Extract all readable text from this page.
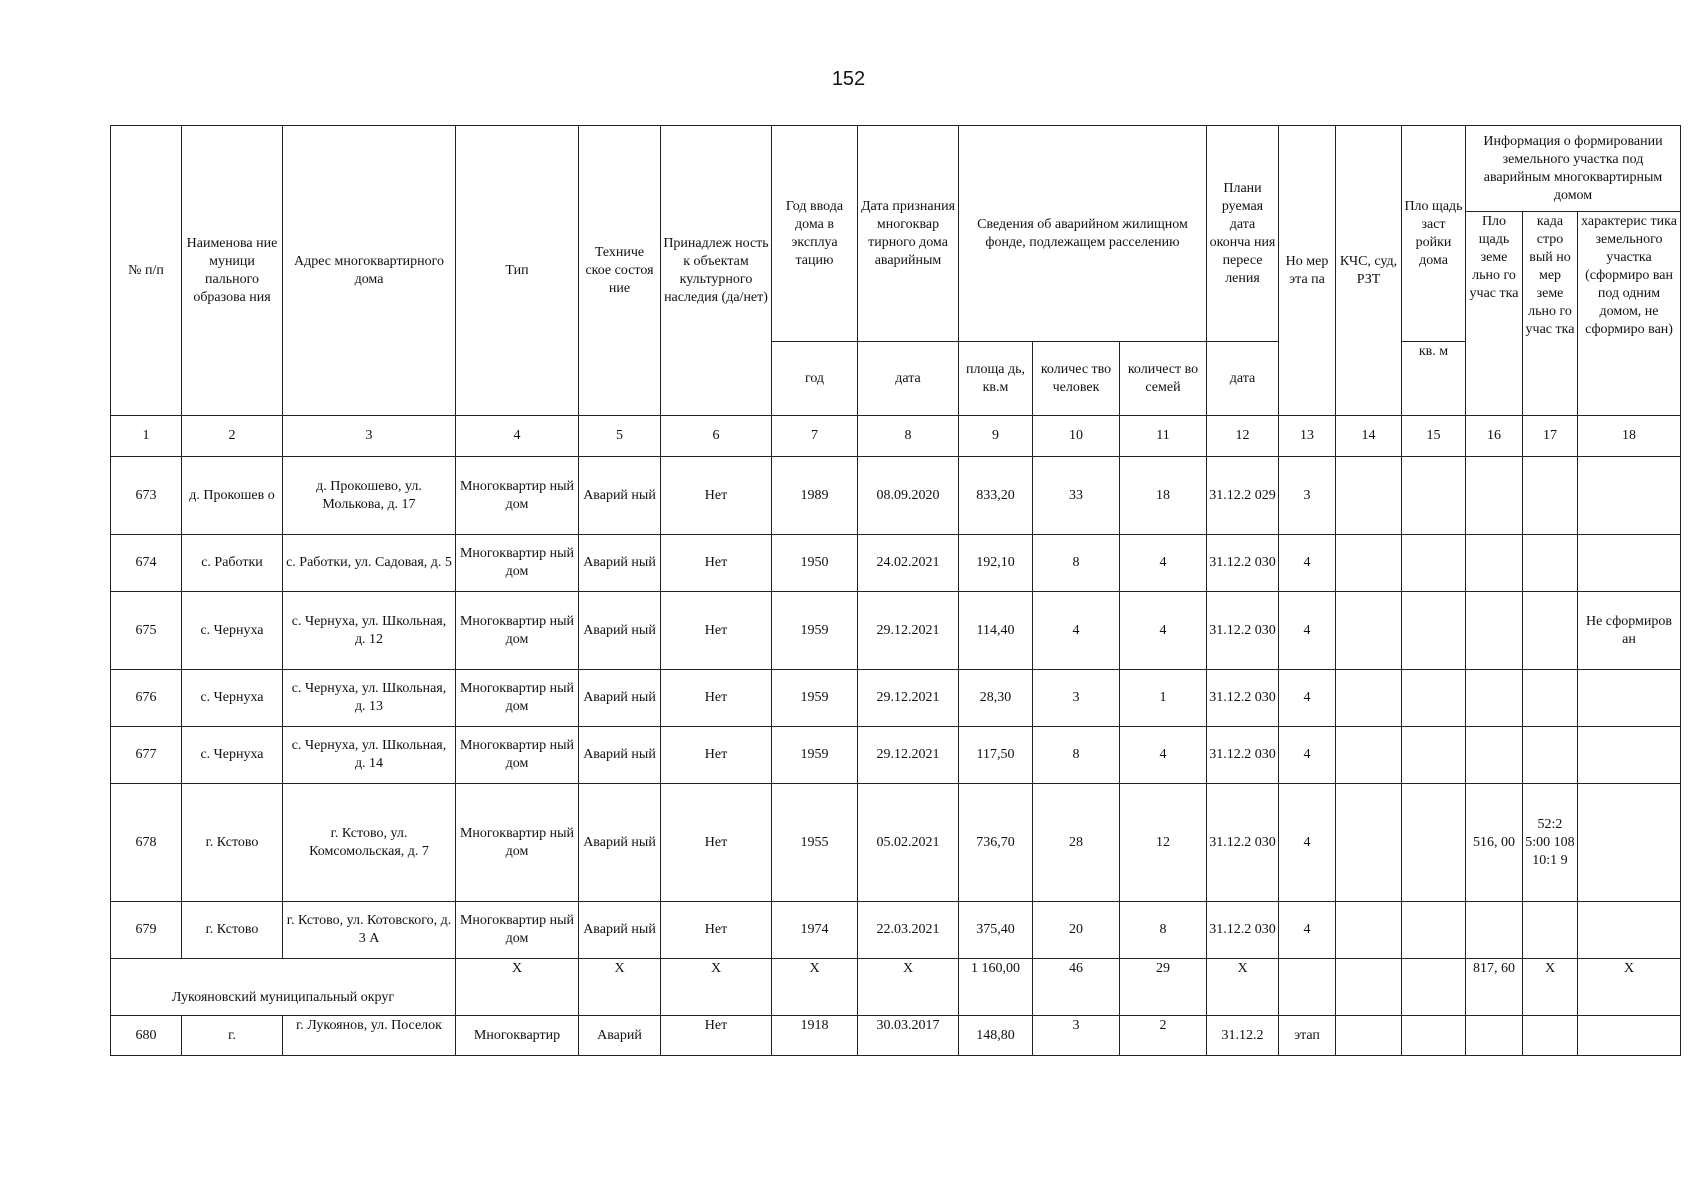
152
№ п/п	Наименова ние муници пального образова ния	Адрес многоквартирного дома	Тип	Техниче ское состоя ние	Принадлеж ность к объектам культурного наследия (да/нет)	Год ввода дома в эксплуа тацию	Дата признания многоквар тирного дома аварийным	Сведения об аварийном жилищном фонде, подлежащем расселению			Плани руемая дата оконча ния пересе ления	Но мер эта па	КЧС, суд, РЗТ	Пло щадь заст ройки дома	Информация о формировании земельного участка под аварийным многоквартирным домом		
															Пло щадь земе льно го учас тка	када стро вый но мер земе льно го учас тка	характерис тика земельного участка (сформиро ван под одним домом, не сформиро ван)
						год	дата	площа дь, кв.м	количес тво человек	количест во семей	дата			кв. м			
1	2	3	4	5	6	7	8	9	10	11	12	13	14	15	16	17	18
673	д. Прокошев о	д. Прокошево, ул. Молькова, д. 17	Многоквартир ный дом	Аварий ный	Нет	1989	08.09.2020	833,20	33	18	31.12.2 029	3					
674	с. Работки	с. Работки, ул. Садовая, д. 5	Многоквартир ный дом	Аварий ный	Нет	1950	24.02.2021	192,10	8	4	31.12.2 030	4					
675	с. Чернуха	с. Чернуха, ул. Школьная, д. 12	Многоквартир ный дом	Аварий ный	Нет	1959	29.12.2021	114,40	4	4	31.12.2 030	4					Не сформиров ан
676	с. Чернуха	с. Чернуха, ул. Школьная, д. 13	Многоквартир ный дом	Аварий ный	Нет	1959	29.12.2021	28,30	3	1	31.12.2 030	4					
677	с. Чернуха	с. Чернуха, ул. Школьная, д. 14	Многоквартир ный дом	Аварий ный	Нет	1959	29.12.2021	117,50	8	4	31.12.2 030	4					
678	г. Кстово	г. Кстово, ул. Комсомольская, д. 7	Многоквартир ный дом	Аварий ный	Нет	1955	05.02.2021	736,70	28	12	31.12.2 030	4			516, 00	52:2 5:00 108 10:1 9	
679	г. Кстово	г. Кстово, ул. Котовского, д. 3 А	Многоквартир ный дом	Аварий ный	Нет	1974	22.03.2021	375,40	20	8	31.12.2 030	4					
Лукояновский муниципальный округ			Х	Х	Х	Х	Х	1 160,00	46	29	Х				817, 60	Х	Х
680	г.	г. Лукоянов, ул. Поселок	Многоквартир	Аварий	Нет	1918	30.03.2017	148,80	3	2	31.12.2	этап					
